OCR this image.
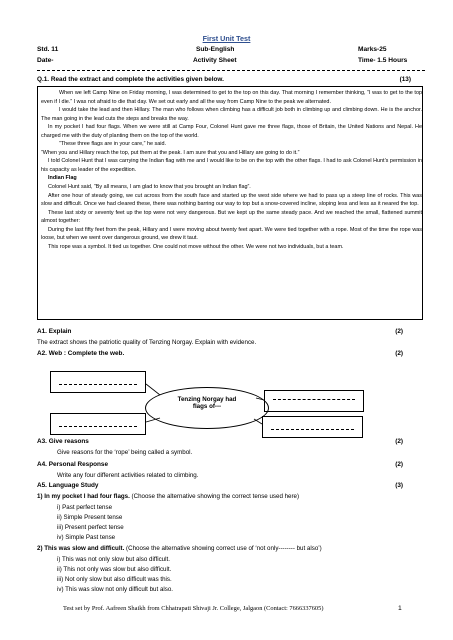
First Unit Test
Std. 11	Sub-English	Marks-25
Date-	Activity Sheet	Time- 1.5 Hours
Q.1. Read the extract and complete the activities given below.	(13)

When we left Camp Nine on Friday morning, I was determined to get to the top on this day. That morning I remember thinking, “I was to get to the top even if I die.” I was not afraid to die that day. We set out early and all the way from Camp Nine to the peak we alternated.

I would take the lead and then Hillary. The man who follows when climbing has a difficult job both in climbing up and climbing down. He is the anchor. The man going in the lead cuts the steps and breaks the way.

In my pocket I had four flags. When we were still at Camp Four, Colonel Hunt gave me three flags, those of Britain, the United Nations and Nepal. He charged me with the duty of planting them on the top of the world.

“These three flags are in your care,” he said.

“When you and Hillary reach the top, put them at the peak. I am sure that you and Hillary are going to do it.”

I told Colonel Hunt that I was carrying the Indian flag with me and I would like to be on the top with the other flags. I had to ask Colonel Hunt’s permission in his capacity as leader of the expedition.

Indian Flag

Colonel Hunt said, “By all means, I am glad to know that you brought an Indian flag”.

After one hour of steady going, we cut across from the south face and started up the west side where we had to pass up a steep line of rocks. This was slow and difficult. Once we had cleared these, there was nothing barring our way to top but a snow-covered incline, sloping less and less as it neared the top.

These last sixty or seventy feet up the top were not very dangerous. But we kept up the same steady pace. And we reached the small, flattened summit almost together:

During the last fifty feet from the peak, Hillary and I were moving about twenty feet apart. We were tied together with a rope. Most of the time the rope was loose, but when we went over dangerous ground, we drew it taut.

This rope was a symbol. It tied us together. One could not move without the other. We were not two individuals, but a team.

A1. Explain	(2)
The extract shows the patriotic quality of Tenzing Norgay. Explain with evidence.
A2. Web : Complete the web.	(2)
Tenzing Norgay had
flags of---
A3. Give reasons	(2)
Give reasons for the ‘rope’ being called a symbol.
A4. Personal Response	(2)
Write any four different activities related to climbing.
A5. Language Study	(3)
1) In my pocket I had four flags. (Choose the alternative showing the correct tense used here)
i) Past perfect tense
ii) Simple Present tense
iii) Present perfect tense
iv) Simple Past tense
2) This was slow and difficult. (Choose the alternative showing correct use of ‘not only-------- but also’)
i) This was not only slow but also difficult.
ii) This not only was slow but also difficult.
iii) Not only slow but also difficult was this.
iv) This was slow not only difficult but also.
Test set by Prof. Aafreen Shaikh from Chhatrapati Shivaji Jr. College, Jalgaon (Contact: 7666337605)	1
